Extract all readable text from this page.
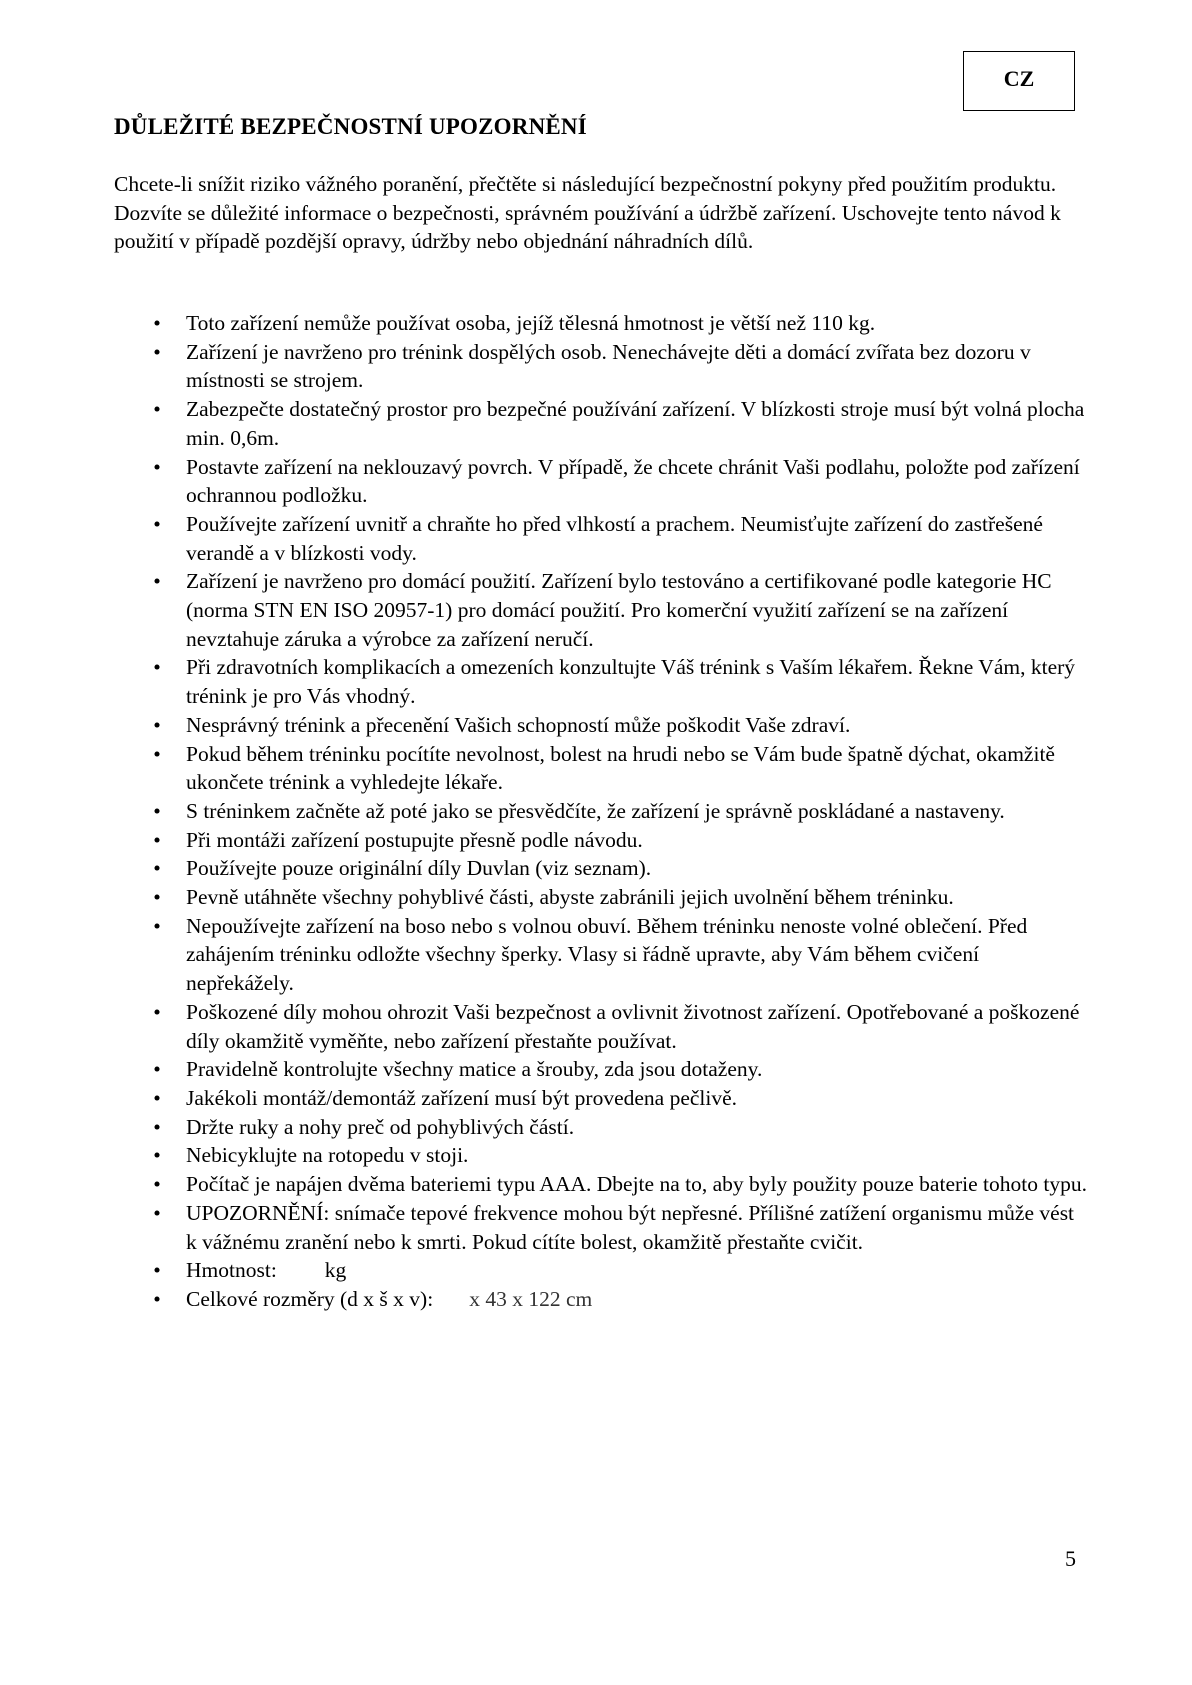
CZ
DŮLEŽITÉ BEZPEČNOSTNÍ UPOZORNĚNÍ

Chcete-li snížit riziko vážného poranění, přečtěte si následující bezpečnostní pokyny před použitím produktu. Dozvíte se důležité informace o bezpečnosti, správném používání a údržbě zařízení. Uschovejte tento návod k použití v případě pozdější opravy, údržby nebo objednání náhradních dílů.

• Toto zařízení nemůže používat osoba, jejíž tělesná hmotnost je větší než 110 kg.
• Zařízení je navrženo pro trénink dospělých osob. Nenechávejte děti a domácí zvířata bez dozoru v místnosti se strojem.
• Zabezpečte dostatečný prostor pro bezpečné používání zařízení. V blízkosti stroje musí být volná plocha min. 0,6m.
• Postavte zařízení na neklouzavý povrch. V případě, že chcete chránit Vaši podlahu, položte pod zařízení ochrannou podložku.
• Používejte zařízení uvnitř a chraňte ho před vlhkostí a prachem. Neumisťujte zařízení do zastřešené verandě a v blízkosti vody.
• Zařízení je navrženo pro domácí použití. Zařízení bylo testováno a certifikované podle kategorie HC (norma STN EN ISO 20957-1) pro domácí použití. Pro komerční využití zařízení se na zařízení nevztahuje záruka a výrobce za zařízení neručí.
• Při zdravotních komplikacích a omezeních konzultujte Váš trénink s Vaším lékařem. Řekne Vám, který trénink je pro Vás vhodný.
• Nesprávný trénink a přecenění Vašich schopností může poškodit Vaše zdraví.
• Pokud během tréninku pocítíte nevolnost, bolest na hrudi nebo se Vám bude špatně dýchat, okamžitě ukončete trénink a vyhledejte lékaře.
• S tréninkem začněte až poté jako se přesvědčíte, že zařízení je správně poskládané a nastaveny.
• Při montáži zařízení postupujte přesně podle návodu.
• Používejte pouze originální díly Duvlan (viz seznam).
• Pevně utáhněte všechny pohyblivé části, abyste zabránili jejich uvolnění během tréninku.
• Nepoužívejte zařízení na boso nebo s volnou obuví. Během tréninku nenoste volné oblečení. Před zahájením tréninku odložte všechny šperky. Vlasy si řádně upravte, aby Vám během cvičení nepřekážely.
• Poškozené díly mohou ohrozit Vaši bezpečnost a ovlivnit životnost zařízení. Opotřebované a poškozené díly okamžitě vyměňte, nebo zařízení přestaňte používat.
• Pravidelně kontrolujte všechny matice a šrouby, zda jsou dotaženy.
• Jakékoli montáž/demontáž zařízení musí být provedena pečlivě.
• Držte ruky a nohy preč od pohyblivých částí.
• Nebicyklujte na rotopedu v stoji.
• Počítač je napájen dvěma bateriemi typu AAA. Dbejte na to, aby byly použity pouze baterie tohoto typu.
• UPOZORNĚNÍ: snímače tepové frekvence mohou být nepřesné. Přílišné zatížení organismu může vést k vážnému zranění nebo k smrti. Pokud cítíte bolest, okamžitě přestaňte cvičit.
• Hmotnost: kg
• Celkové rozměry (d x š x v): x 43 x 122 cm
5
